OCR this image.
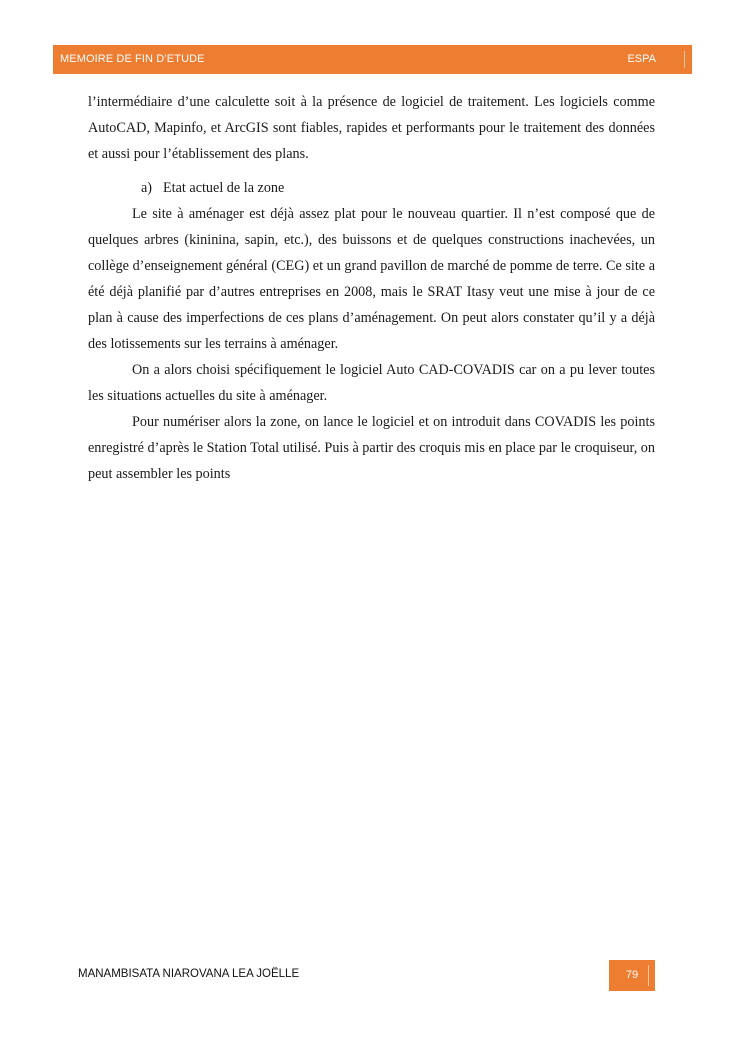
MEMOIRE DE FIN D’ETUDE	ESPA

l’intermédiaire d’une calculette soit à la présence de logiciel de traitement. Les logiciels comme AutoCAD, Mapinfo, et ArcGIS sont fiables, rapides et performants pour le traitement des données et aussi pour l’établissement des plans.

a) Etat actuel de la zone

Le site à aménager est déjà assez plat pour le nouveau quartier. Il n’est composé que de quelques arbres (kininina, sapin, etc.), des buissons et de quelques constructions inachevées, un collège d’enseignement général (CEG) et un grand pavillon de marché de pomme de terre. Ce site a été déjà planifié par d’autres entreprises en 2008, mais le SRAT Itasy veut une mise à jour de ce plan à cause des imperfections de ces plans d’aménagement. On peut alors constater qu’il y a déjà des lotissements sur les terrains à aménager.

On a alors choisi spécifiquement le logiciel Auto CAD-COVADIS car on a pu lever toutes les situations actuelles du site à aménager.

Pour numériser alors la zone, on lance le logiciel et on introduit dans COVADIS les points enregistré d’après le Station Total utilisé. Puis à partir des croquis mis en place par le croquiseur, on peut assembler les points

MANAMBISATA NIAROVANA LEA JOËLLE	79
